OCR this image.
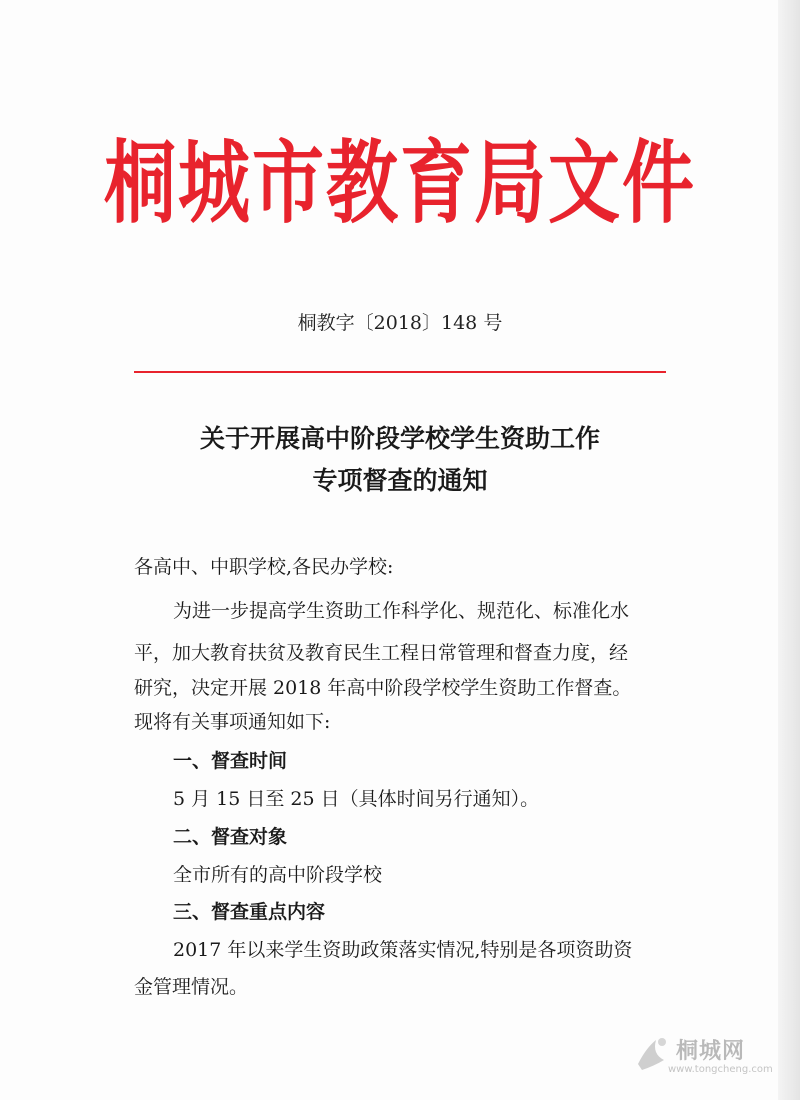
桐城市教育局文件
桐教字〔2018〕148 号
关于开展高中阶段学校学生资助工作
专项督查的通知
各高中、中职学校,各民办学校:
为进一步提高学生资助工作科学化、规范化、标准化水
平，加大教育扶贫及教育民生工程日常管理和督查力度，经
研究，决定开展 2018 年高中阶段学校学生资助工作督查。
现将有关事项通知如下:
一、督查时间
5 月 15 日至 25 日（具体时间另行通知）。
二、督查对象
全市所有的高中阶段学校
三、督查重点内容
2017 年以来学生资助政策落实情况,特别是各项资助资
金管理情况。
桐城网
www.tongcheng.com
